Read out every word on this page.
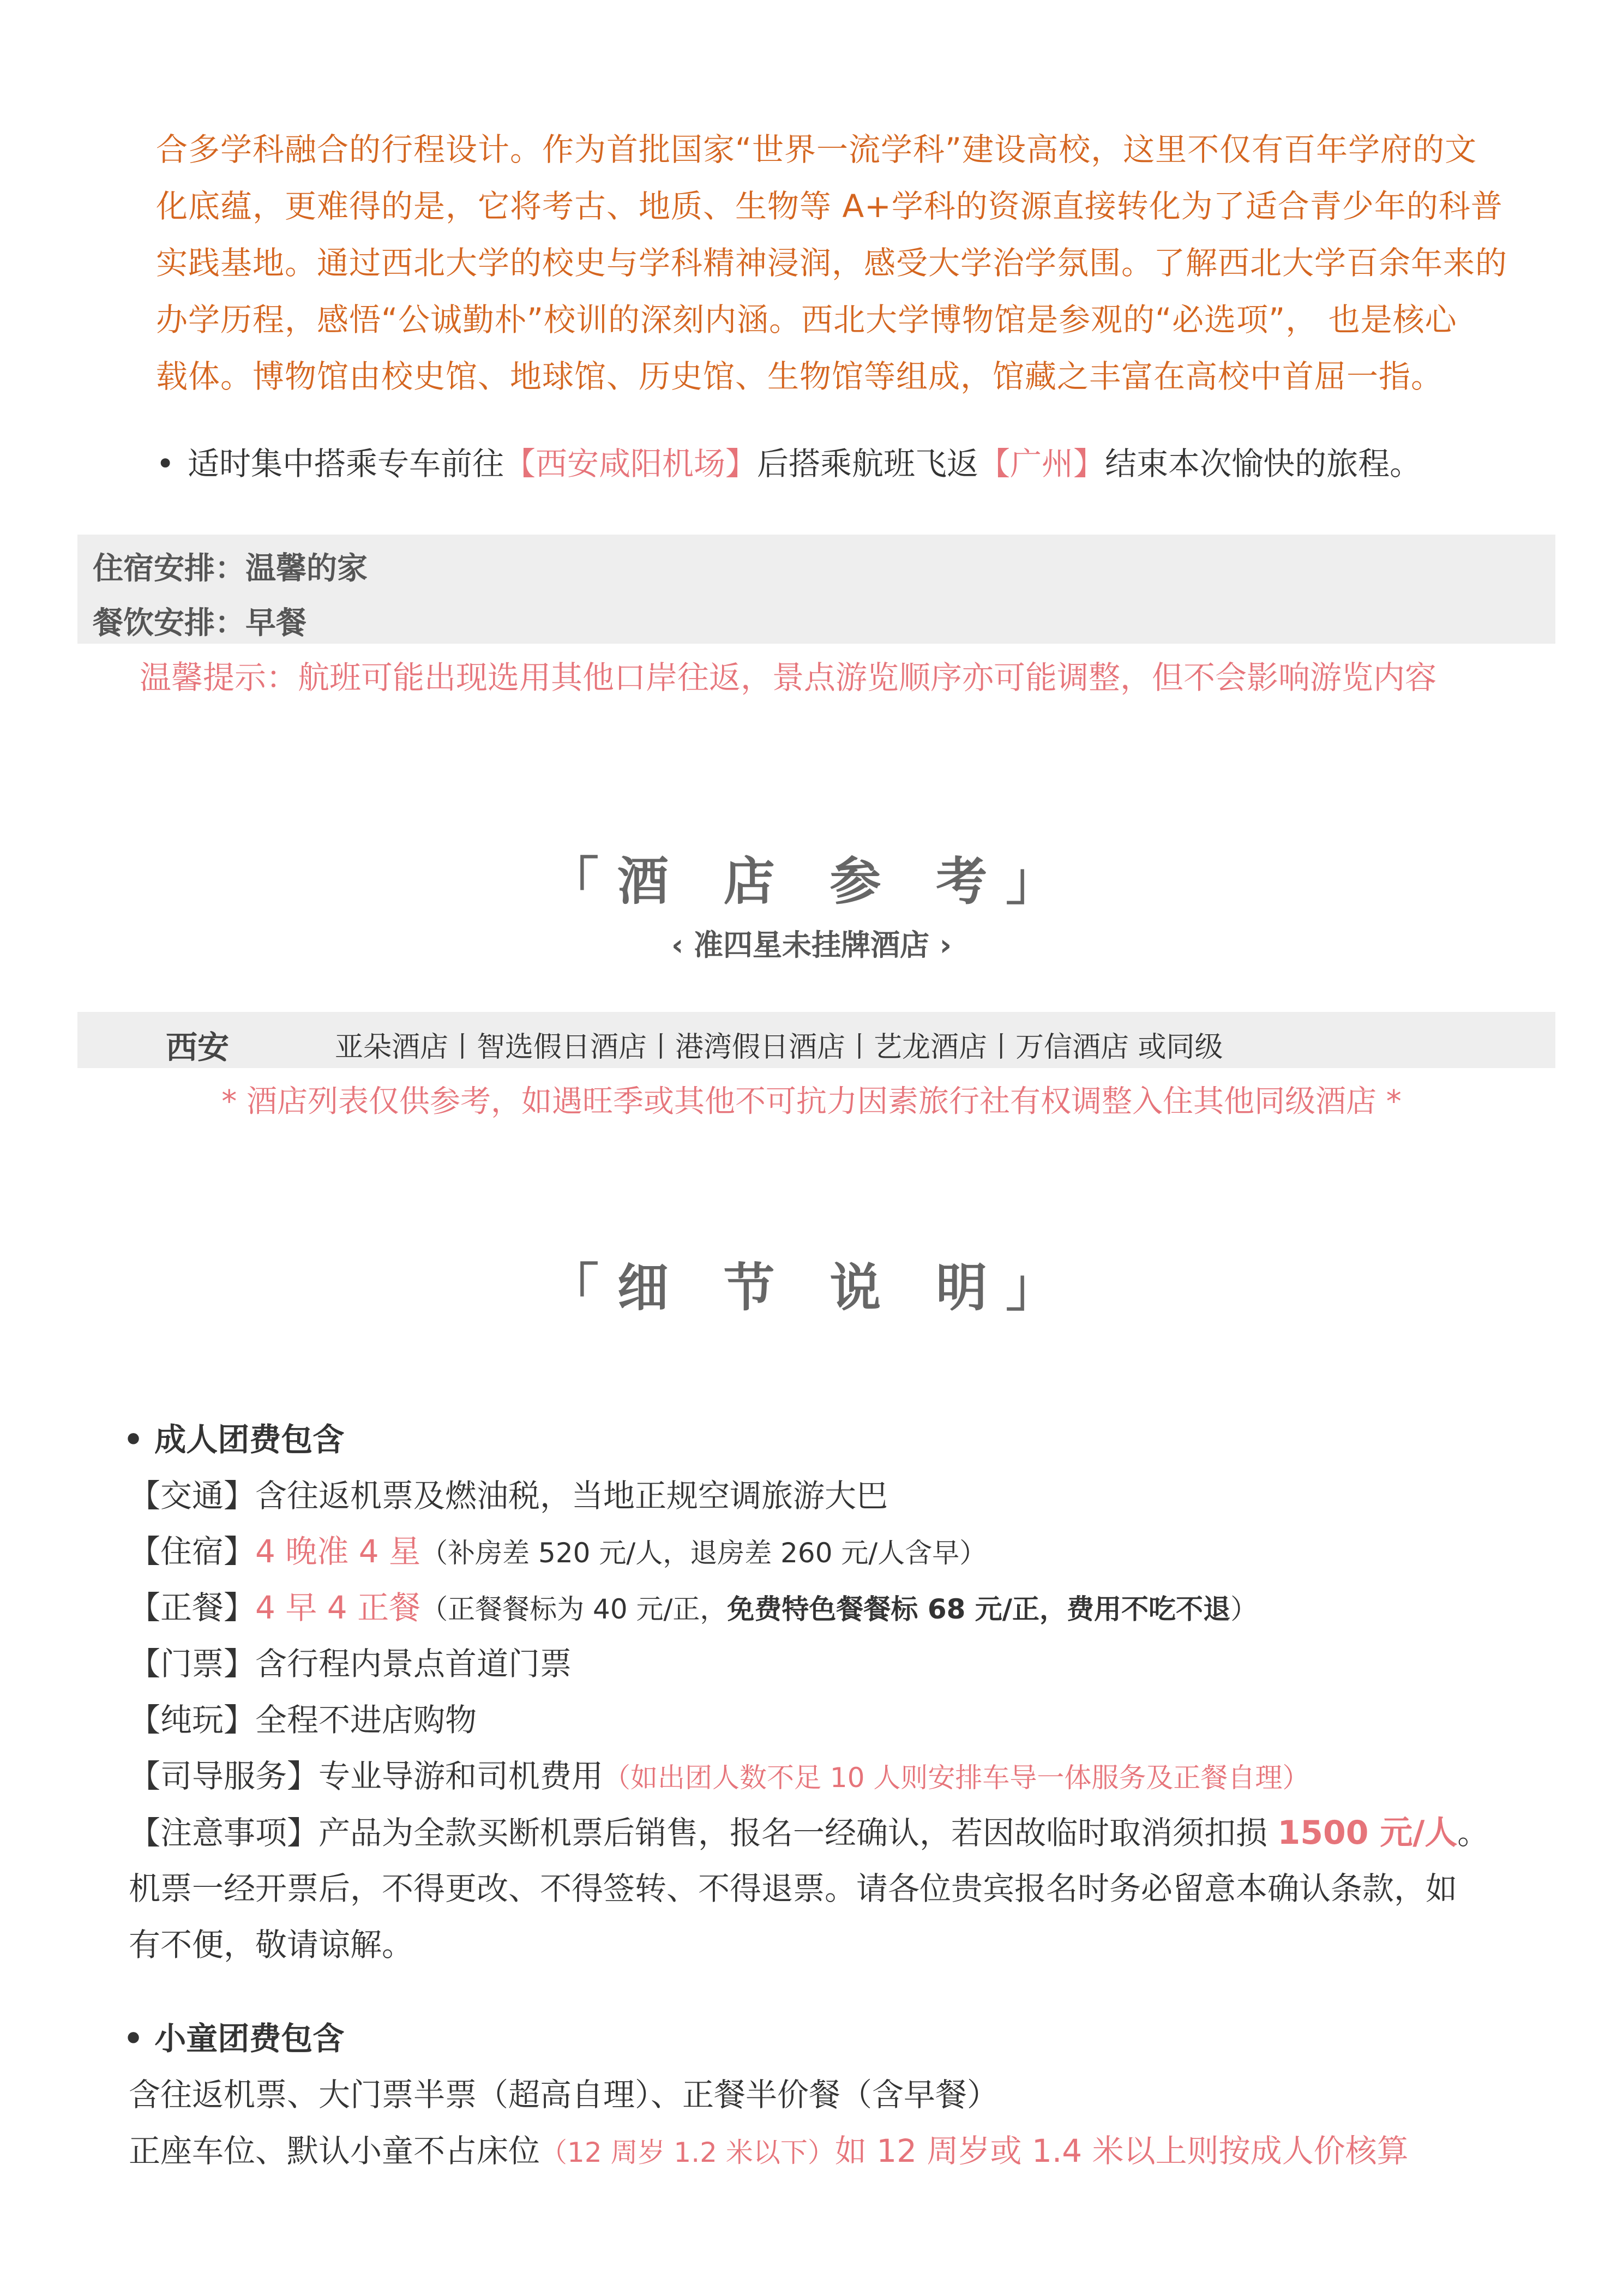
合多学科融合的行程设计。作为首批国家“世界一流学科”建设高校，这里不仅有百年学府的文
化底蕴，更难得的是，它将考古、地质、生物等 A+学科的资源直接转化为了适合青少年的科普
实践基地。通过西北大学的校史与学科精神浸润，感受大学治学氛围。了解西北大学百余年来的
办学历程，感悟“公诚勤朴”校训的深刻内涵。西北大学博物馆是参观的“必选项”， 也是核心
载体。博物馆由校史馆、地球馆、历史馆、生物馆等组成，馆藏之丰富在高校中首屈一指。
• 适时集中搭乘专车前往【西安咸阳机场】后搭乘航班飞返【广州】结束本次愉快的旅程。
住宿安排：温馨的家
餐饮安排：早餐
温馨提示：航班可能出现选用其他口岸往返，景点游览顺序亦可能调整，但不会影响游览内容
「酒 店 参 考」
‹ 准四星未挂牌酒店 ›
西安	亚朵酒店丨智选假日酒店丨港湾假日酒店丨艺龙酒店丨万信酒店 或同级
* 酒店列表仅供参考，如遇旺季或其他不可抗力因素旅行社有权调整入住其他同级酒店 *
「细 节 说 明」
• 成人团费包含
【交通】含往返机票及燃油税，当地正规空调旅游大巴
【住宿】4 晚准 4 星（补房差 520 元/人，退房差 260 元/人含早）
【正餐】4 早 4 正餐（正餐餐标为 40 元/正，免费特色餐餐标 68 元/正，费用不吃不退）
【门票】含行程内景点首道门票
【纯玩】全程不进店购物
【司导服务】专业导游和司机费用（如出团人数不足 10 人则安排车导一体服务及正餐自理）
【注意事项】产品为全款买断机票后销售，报名一经确认，若因故临时取消须扣损 1500 元/人。
机票一经开票后，不得更改、不得签转、不得退票。请各位贵宾报名时务必留意本确认条款，如
有不便，敬请谅解。
• 小童团费包含
含往返机票、大门票半票（超高自理）、正餐半价餐（含早餐）
正座车位、默认小童不占床位（12 周岁 1.2 米以下）如 12 周岁或 1.4 米以上则按成人价核算
